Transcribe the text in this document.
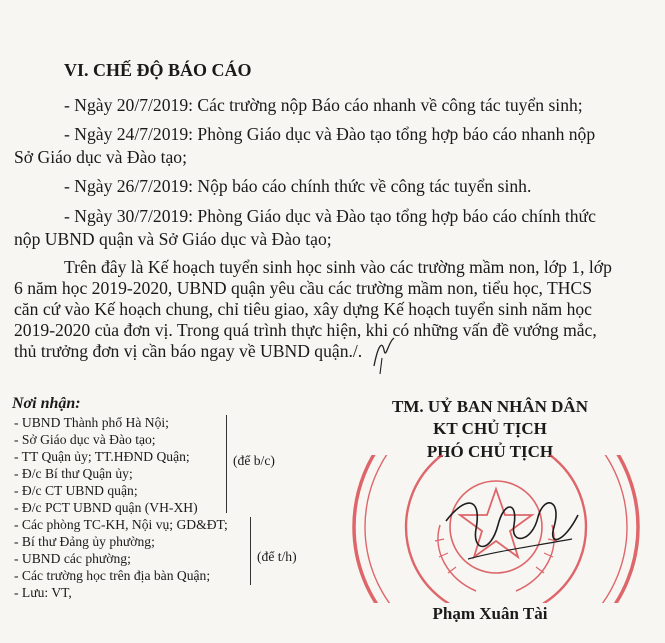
VI. CHẾ ĐỘ BÁO CÁO
- Ngày 20/7/2019: Các trường nộp Báo cáo nhanh về công tác tuyển sinh;
- Ngày 24/7/2019: Phòng Giáo dục và Đào tạo tổng hợp báo cáo nhanh nộp
Sở Giáo dục và Đào tạo;
- Ngày 26/7/2019: Nộp báo cáo chính thức về công tác tuyển sinh.
- Ngày 30/7/2019: Phòng Giáo dục và Đào tạo tổng hợp báo cáo chính thức
nộp UBND quận và Sở Giáo dục và Đào tạo;
Trên đây là Kế hoạch tuyển sinh học sinh vào các trường mầm non, lớp 1, lớp
6 năm học 2019-2020, UBND quận yêu cầu các trường mầm non, tiểu học, THCS
căn cứ vào Kế hoạch chung, chỉ tiêu giao, xây dựng Kế hoạch tuyển sinh năm học
2019-2020 của đơn vị. Trong quá trình thực hiện, khi có những vấn đề vướng mắc,
thủ trưởng đơn vị cần báo ngay về UBND quận./.
Nơi nhận:
- UBND Thành phố Hà Nội;
- Sở Giáo dục và Đào tạo;
- TT Quận ủy; TT.HĐND Quận;
- Đ/c Bí thư Quận ủy;
- Đ/c CT UBND quận;
- Đ/c PCT UBND quận (VH-XH)
- Các phòng TC-KH, Nội vụ; GD&ĐT;
- Bí thư Đảng ủy phường;
- UBND các phường;
- Các trường học trên địa bàn Quận;
- Lưu: VT,
(để b/c)
(để t/h)
TM. UỶ BAN NHÂN DÂN
KT CHỦ TỊCH
PHÓ CHỦ TỊCH
Phạm Xuân Tài
